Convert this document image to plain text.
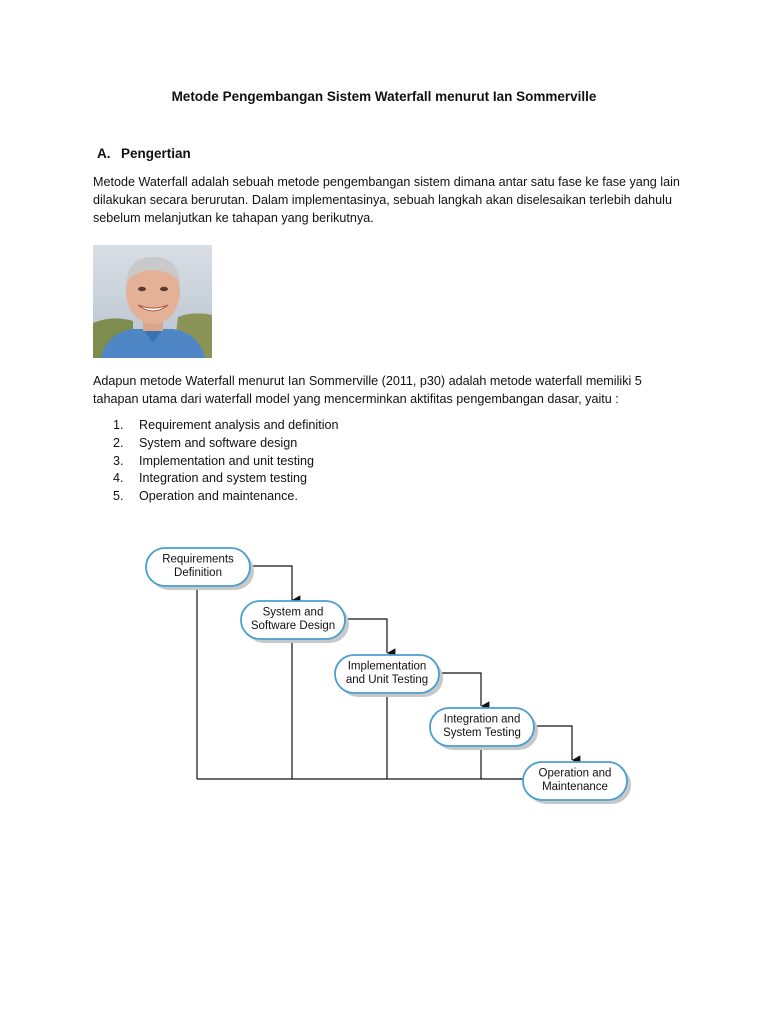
Metode Pengembangan Sistem Waterfall menurut Ian Sommerville
A. Pengertian

Metode Waterfall adalah sebuah metode pengembangan sistem dimana antar satu fase ke fase yang lain dilakukan secara berurutan. Dalam implementasinya, sebuah langkah akan diselesaikan terlebih dahulu sebelum melanjutkan ke tahapan yang berikutnya.

Adapun metode Waterfall menurut Ian Sommerville (2011, p30) adalah metode waterfall memiliki 5 tahapan utama dari waterfall model yang mencerminkan aktifitas pengembangan dasar, yaitu :

1.	Requirement analysis and definition
2.	System and software design
3.	Implementation and unit testing
4.	Integration and system testing
5.	Operation and maintenance.
Requirements
Definition
System and
Software Design
Implementation
and Unit Testing
Integration and
System Testing
Operation and
Maintenance
